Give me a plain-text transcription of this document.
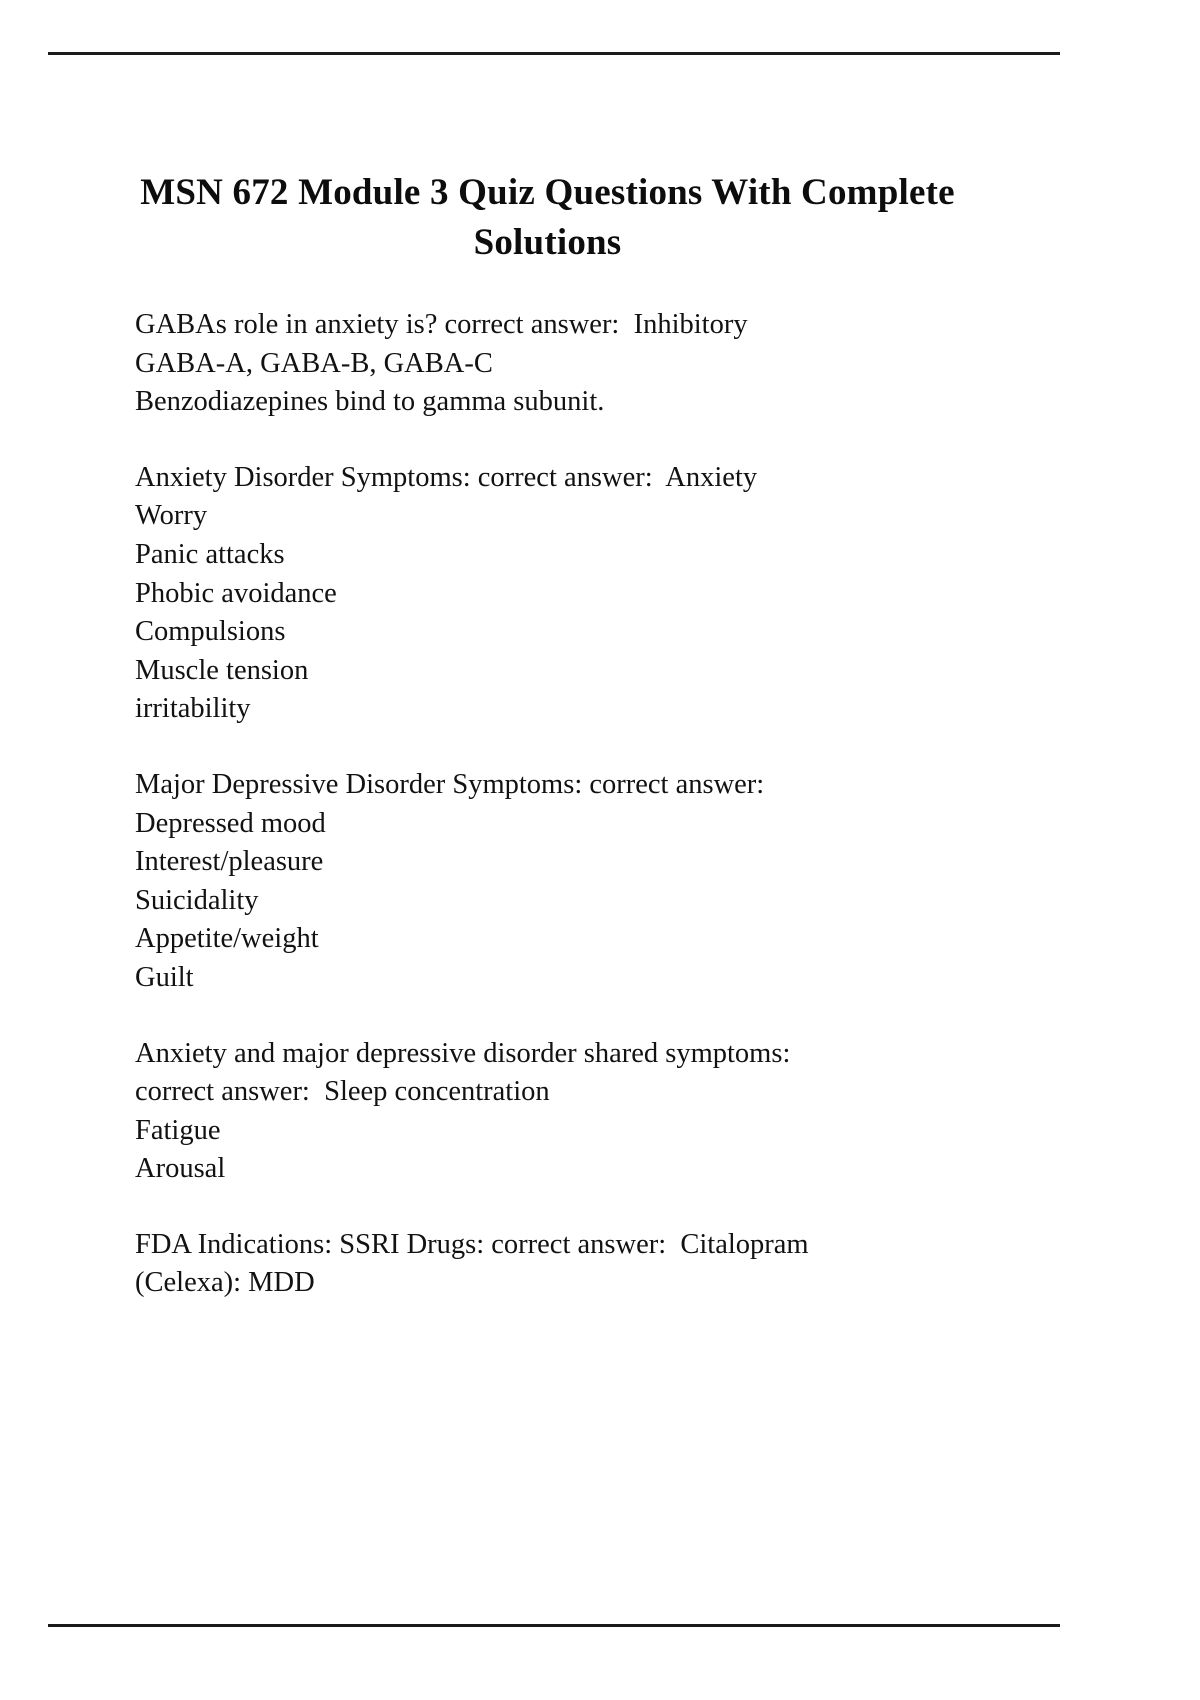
MSN 672 Module 3 Quiz Questions With Complete Solutions

GABAs role in anxiety is? correct answer:  Inhibitory
GABA-A, GABA-B, GABA-C
Benzodiazepines bind to gamma subunit.

Anxiety Disorder Symptoms: correct answer:  Anxiety
Worry
Panic attacks
Phobic avoidance
Compulsions
Muscle tension
irritability

Major Depressive Disorder Symptoms: correct answer:
Depressed mood
Interest/pleasure
Suicidality
Appetite/weight
Guilt

Anxiety and major depressive disorder shared symptoms:
correct answer:  Sleep concentration
Fatigue
Arousal

FDA Indications: SSRI Drugs: correct answer:  Citalopram
(Celexa): MDD
